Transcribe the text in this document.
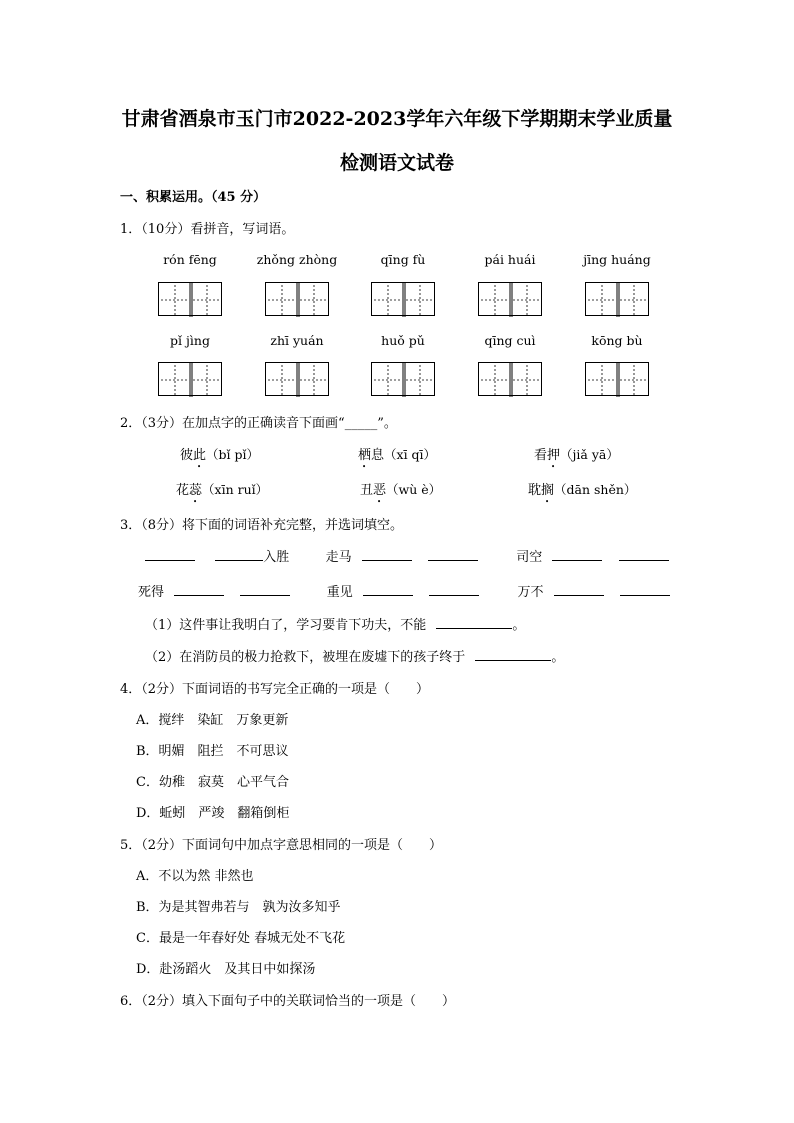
甘肃省酒泉市玉门市2022-2023学年六年级下学期期末学业质量
检测语文试卷
一、积累运用。（45 分）
1．（10分）看拼音，写词语。
rón fēng	zhǒng zhòng	qīng fù	pái huái	jīng huáng
pǐ jìng	zhī yuán	huǒ pǔ	qīng cuì	kōng bù
2．（3分）在加点字的正确读音下面画“_____”。
彼此（bǐ pǐ）	栖息（xī qī）	看押（jiǎ yā）
花蕊（xīn ruǐ）	丑恶（wù è）	耽搁（dān shěn）
3．（8分）将下面的词语补充完整，并选词填空。
入胜	走马	司空
死得	重见	万不
（1）这件事让我明白了，学习要肯下功夫，不能	。
（2）在消防员的极力抢救下，被埋在废墟下的孩子终于	。
4．（2分）下面词语的书写完全正确的一项是（　　）
A．搅绊　染缸　万象更新
B．明媚　阻拦　不可思议
C．幼稚　寂莫　心平气合
D．蚯蚓　严竣　翻箱倒柜
5．（2分）下面词句中加点字意思相同的一项是（　　）
A．不以为然 非然也
B．为是其智弗若与　孰为汝多知乎
C．最是一年春好处 春城无处不飞花
D．赴汤蹈火　及其日中如探汤
6．（2分）填入下面句子中的关联词恰当的一项是（　　）
